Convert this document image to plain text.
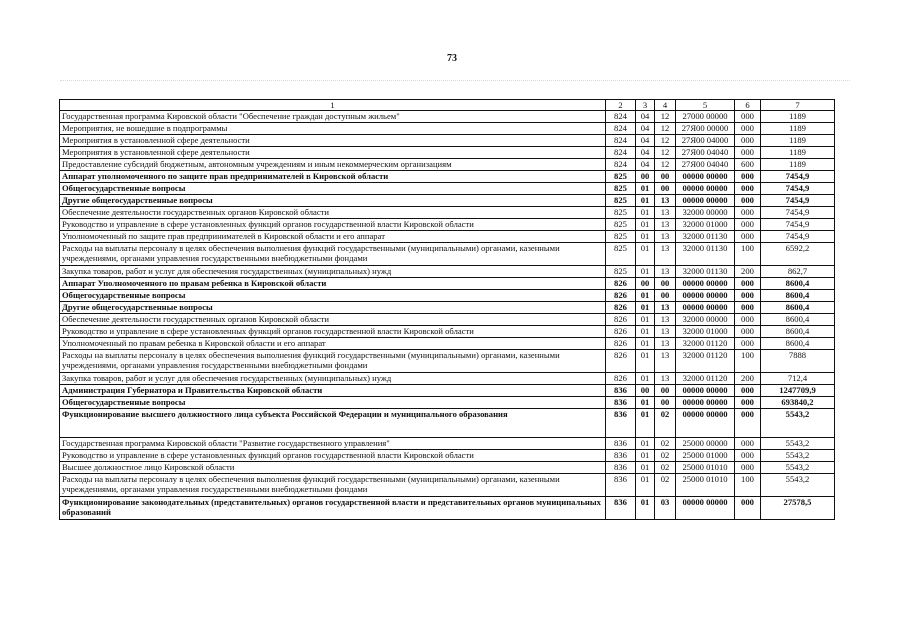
73
1	2	3	4	5	6	7
Государственная программа Кировской области "Обеспечение граждан доступным жильем"	824	04	12	27000 00000	000	1189
Мероприятия, не вошедшие в подпрограммы	824	04	12	27Я00 00000	000	1189
Мероприятия в установленной сфере деятельности	824	04	12	27Я00 04000	000	1189
Мероприятия в установленной сфере деятельности	824	04	12	27Я00 04040	000	1189
Предоставление субсидий бюджетным, автономным учреждениям и иным некоммерческим организациям	824	04	12	27Я00 04040	600	1189
Аппарат уполномоченного по защите прав предпринимателей в Кировской области	825	00	00	00000 00000	000	7454,9
Общегосударственные вопросы	825	01	00	00000 00000	000	7454,9
Другие общегосударственные вопросы	825	01	13	00000 00000	000	7454,9
Обеспечение деятельности государственных органов Кировской области	825	01	13	32000 00000	000	7454,9
Руководство и управление в сфере установленных функций органов государственной власти Кировской области	825	01	13	32000 01000	000	7454,9
Уполномоченный по защите прав предпринимателей в Кировской области и его аппарат	825	01	13	32000 01130	000	7454,9
Расходы на выплаты персоналу в целях обеспечения выполнения функций государственными (муниципальными) органами, казенными учреждениями, органами управления государственными внебюджетными фондами	825	01	13	32000 01130	100	6592,2
Закупка товаров, работ и услуг для обеспечения государственных (муниципальных) нужд	825	01	13	32000 01130	200	862,7
Аппарат Уполномоченного по правам ребенка в Кировской области	826	00	00	00000 00000	000	8600,4
Общегосударственные вопросы	826	01	00	00000 00000	000	8600,4
Другие общегосударственные вопросы	826	01	13	00000 00000	000	8600,4
Обеспечение деятельности государственных органов Кировской области	826	01	13	32000 00000	000	8600,4
Руководство и управление в сфере установленных функций органов государственной власти Кировской области	826	01	13	32000 01000	000	8600,4
Уполномоченный по правам ребенка в Кировской области и его аппарат	826	01	13	32000 01120	000	8600,4
Расходы на выплаты персоналу в целях обеспечения выполнения функций государственными (муниципальными) органами, казенными учреждениями, органами управления государственными внебюджетными фондами	826	01	13	32000 01120	100	7888
Закупка товаров, работ и услуг для обеспечения государственных (муниципальных) нужд	826	01	13	32000 01120	200	712,4
Администрация Губернатора и Правительства Кировской области	836	00	00	00000 00000	000	1247709,9
Общегосударственные вопросы	836	01	00	00000 00000	000	693840,2
Функционирование высшего должностного лица субъекта Российской Федерации и муниципального образования	836	01	02	00000 00000	000	5543,2
Государственная программа Кировской области "Развитие государственного управления"	836	01	02	25000 00000	000	5543,2
Руководство и управление в сфере установленных функций органов государственной власти Кировской области	836	01	02	25000 01000	000	5543,2
Высшее должностное лицо Кировской области	836	01	02	25000 01010	000	5543,2
Расходы на выплаты персоналу в целях обеспечения выполнения функций государственными (муниципальными) органами, казенными учреждениями, органами управления государственными внебюджетными фондами	836	01	02	25000 01010	100	5543,2
Функционирование законодательных (представительных) органов государственной власти и представительных органов муниципальных образований	836	01	03	00000 00000	000	27578,5
